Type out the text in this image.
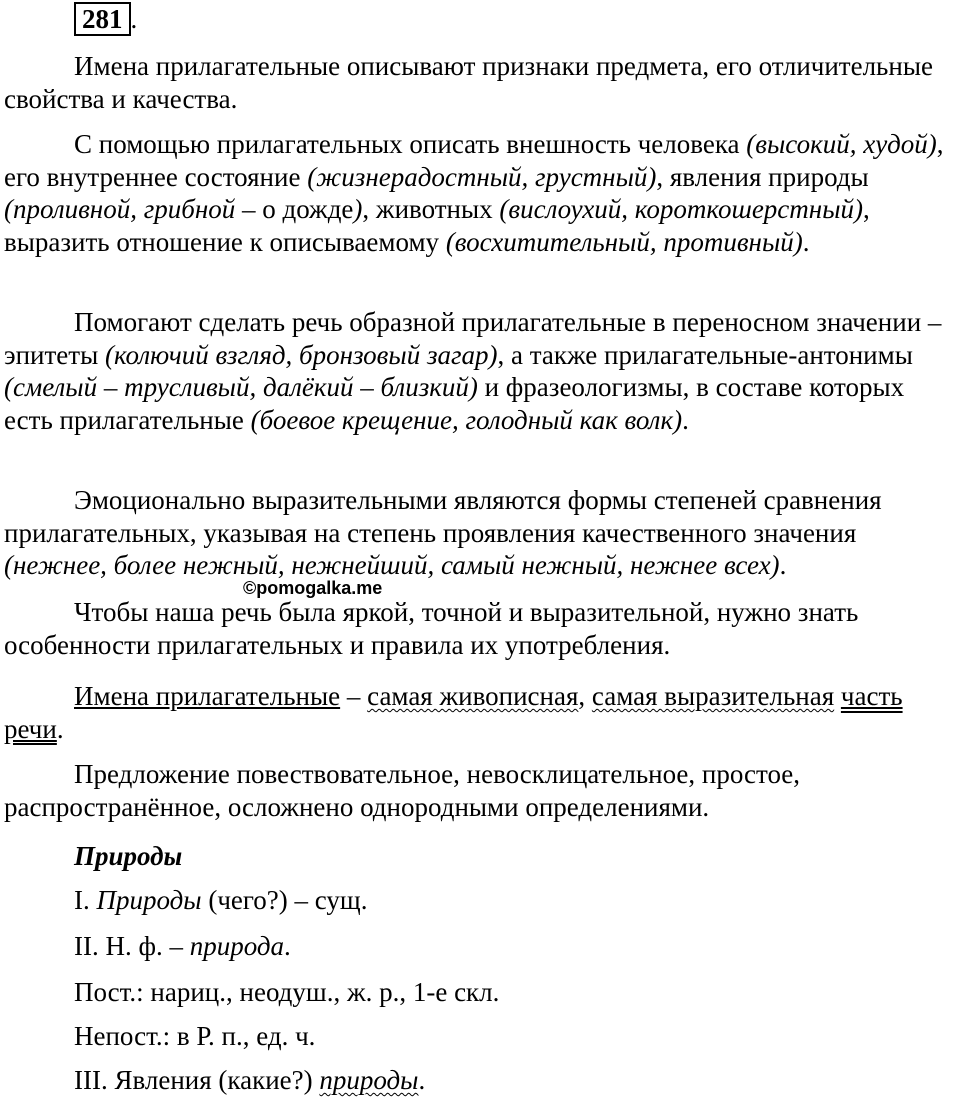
281 .

Имена прилагательные описывают признаки предмета, его отличительные свойства и качества.

С помощью прилагательных описать внешность человека (высокий, худой), его внутреннее состояние (жизнерадостный, грустный), явления природы (проливной, грибной – о дожде), животных (вислоухий, короткошерстный), выразить отношение к описываемому (восхитительный, противный).

Помогают сделать речь образной прилагательные в переносном значении – эпитеты (колючий взгляд, бронзовый загар), а также прилагательные-антонимы (смелый – трусливый, далёкий – близкий) и фразеологизмы, в составе которых есть прилагательные (боевое крещение, голодный как волк).

Эмоционально выразительными являются формы степеней сравнения прилагательных, указывая на степень проявления качественного значения (нежнее, более нежный, нежнейший, самый нежный, нежнее всех).

©pomogalka.me

Чтобы наша речь была яркой, точной и выразительной, нужно знать особенности прилагательных и правила их употребления.

Имена прилагательные – самая живописная, самая выразительная часть речи.

Предложение повествовательное, невосклицательное, простое, распространённое, осложнено однородными определениями.

Природы

I. Природы (чего?) – сущ.

II. Н. ф. – природа.

Пост.: нариц., неодуш., ж. р., 1-е скл.

Непост.: в Р. п., ед. ч.

III. Явления (какие?) природы.
